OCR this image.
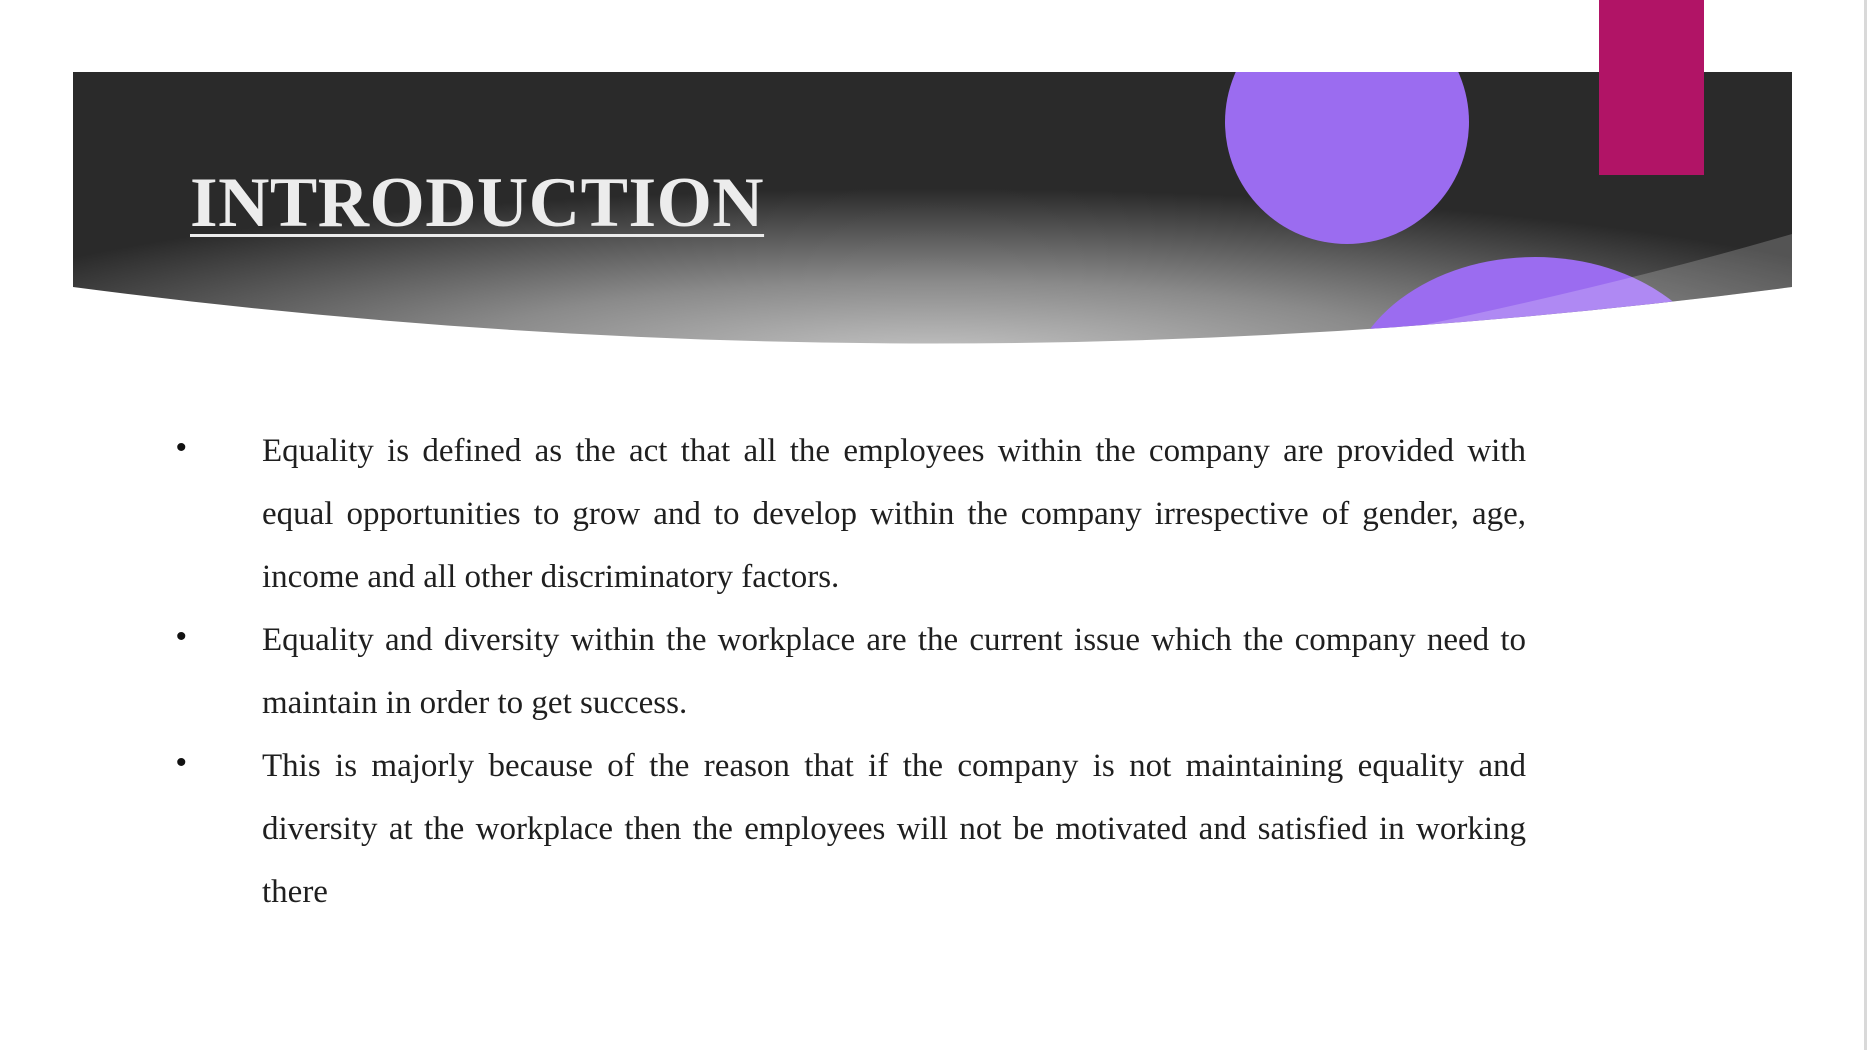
INTRODUCTION
• Equality is defined as the act that all the employees within the company are provided with equal opportunities to grow and to develop within the company irrespective of gender, age, income and all other discriminatory factors.
• Equality and diversity within the workplace are the current issue which the company need to maintain in order to get success.
• This is majorly because of the reason that if the company is not maintaining equality and diversity at the workplace then the employees will not be motivated and satisfied in working there
